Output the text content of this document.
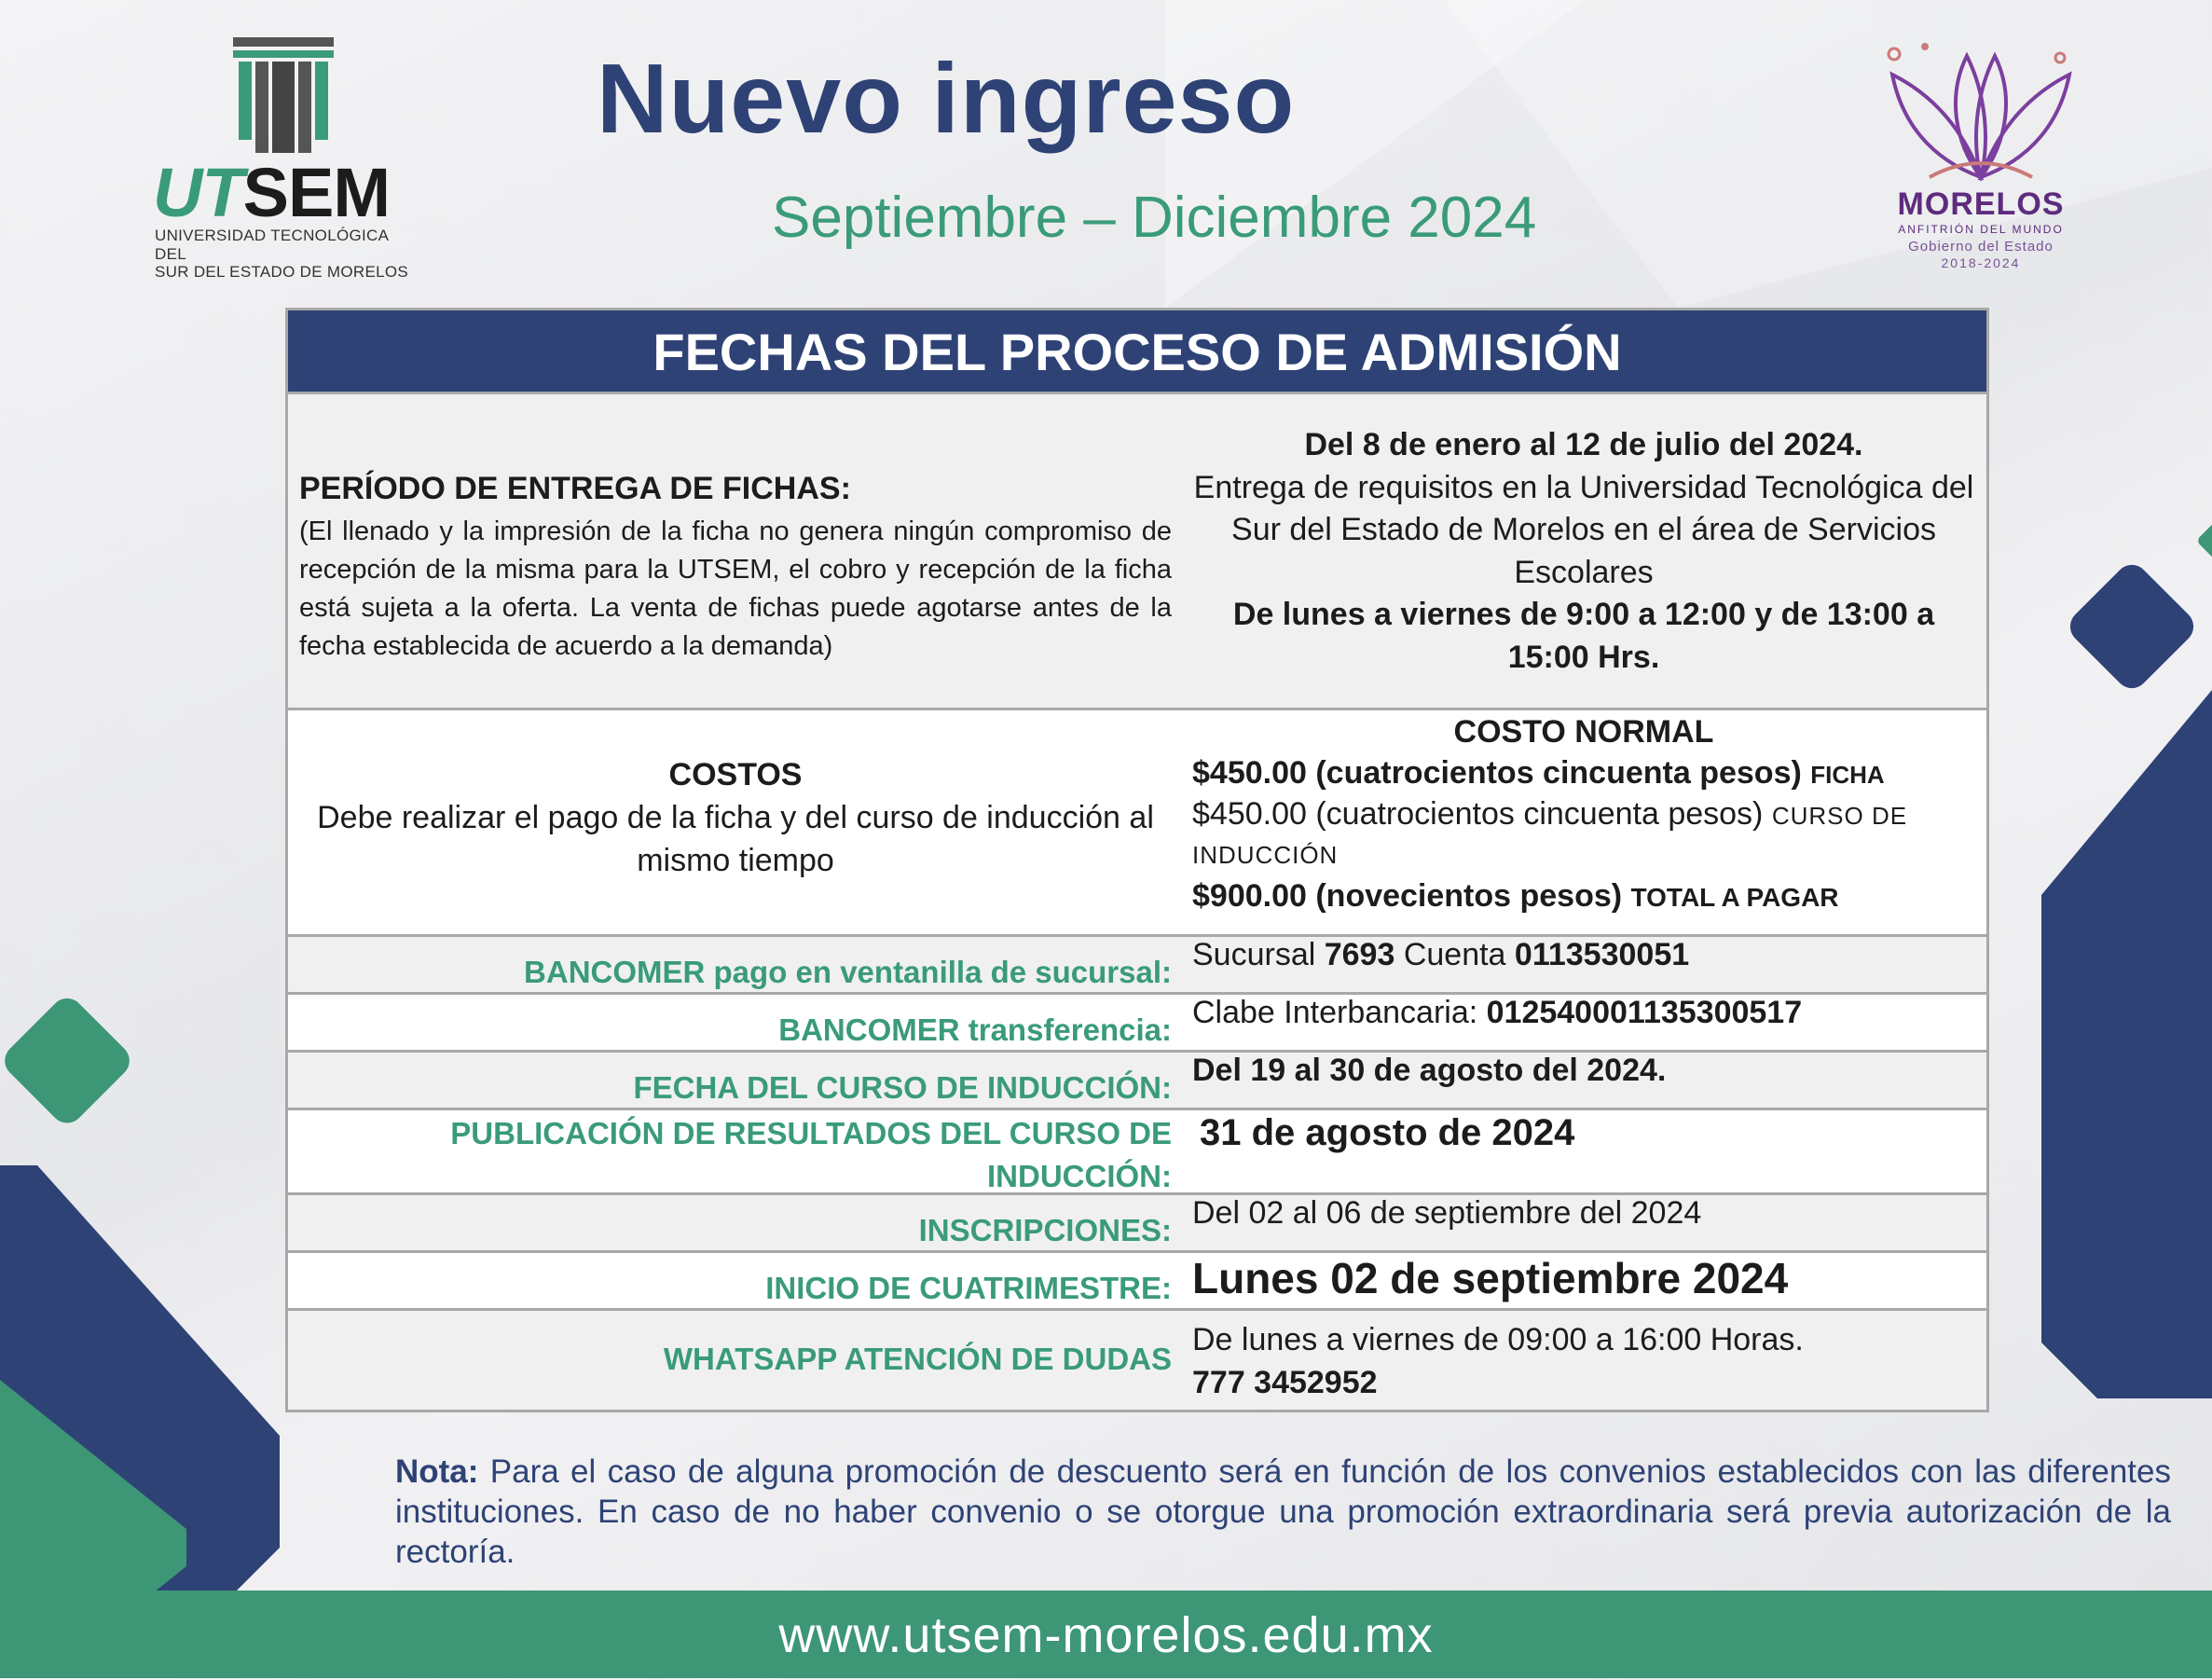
UTSEM
UNIVERSIDAD TECNOLÓGICA DEL
SUR DEL ESTADO DE MORELOS
Nuevo ingreso
Septiembre – Diciembre 2024	MORELOS
ANFITRIÓN DEL MUNDO
Gobierno del Estado
2018-2024
FECHAS DEL PROCESO DE ADMISIÓN
PERÍODO DE ENTREGA DE FICHAS:
(El llenado y la impresión de la ficha no genera ningún compromiso de recepción de la misma para la UTSEM, el cobro y recepción de la ficha está sujeta a la oferta. La venta de fichas puede agotarse antes de la fecha establecida de acuerdo a la demanda)
Del 8 de enero al 12 de julio del 2024.
Entrega de requisitos en la Universidad Tecnológica del Sur del Estado de Morelos en el área de Servicios Escolares
De lunes a viernes de 9:00 a 12:00 y de 13:00 a 15:00 Hrs.
COSTOS
Debe realizar el pago de la ficha y del curso de inducción al mismo tiempo
COSTO NORMAL
$450.00 (cuatrocientos cincuenta pesos) FICHA
$450.00 (cuatrocientos cincuenta pesos) CURSO DE INDUCCIÓN
$900.00 (novecientos pesos) TOTAL A PAGAR
BANCOMER pago en ventanilla de sucursal: Sucursal 7693 Cuenta 0113530051
BANCOMER transferencia: Clabe Interbancaria: 012540001135300517
FECHA DEL CURSO DE INDUCCIÓN: Del 19 al 30 de agosto del 2024.
PUBLICACIÓN DE RESULTADOS DEL CURSO DE INDUCCIÓN:
31 de agosto de 2024
INSCRIPCIONES: Del 02 al 06 de septiembre del 2024
INICIO DE CUATRIMESTRE: Lunes 02 de septiembre 2024
WHATSAPP ATENCIÓN DE DUDAS
De lunes a viernes de 09:00 a 16:00 Horas.
777 3452952
Nota: Para el caso de alguna promoción de descuento será en función de los convenios establecidos con las diferentes instituciones. En caso de no haber convenio o se otorgue una promoción extraordinaria será previa autorización de la rectoría.
www.utsem-morelos.edu.mx
